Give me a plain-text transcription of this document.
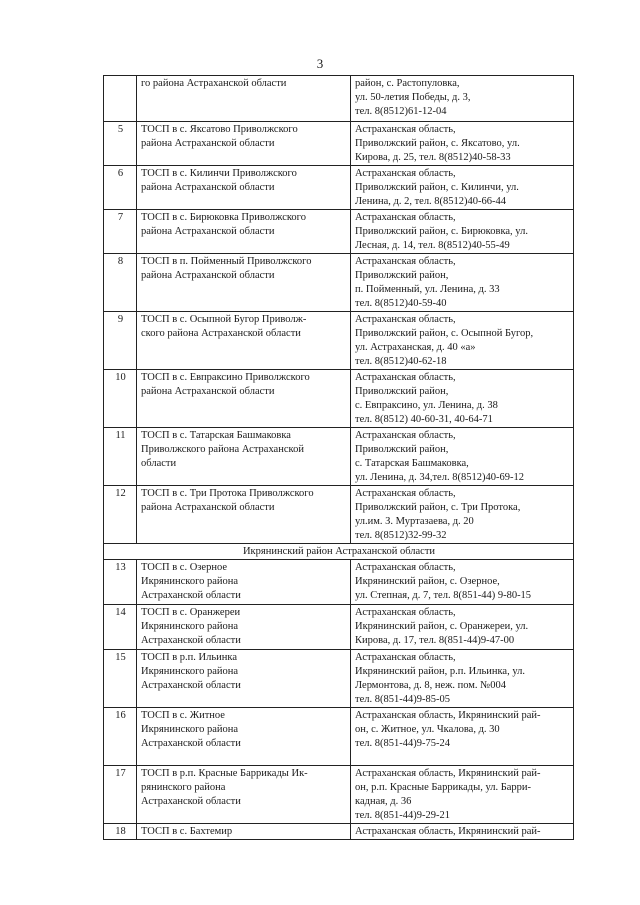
3

	го района Астраханской области	район, с. Растопуловка,
ул. 50-летия Победы, д. 3,
тел. 8(8512)61-12-04

5	ТОСП в с. Яксатово Приволжского
района Астраханской области	Астраханская область,
Приволжский район, с. Яксатово, ул.
Кирова, д. 25, тел. 8(8512)40-58-33

6	ТОСП в с. Килинчи Приволжского
района Астраханской области	Астраханская область,
Приволжский район, с. Килинчи, ул.
Ленина, д. 2, тел. 8(8512)40-66-44

7	ТОСП в с. Бирюковка Приволжского
района Астраханской области	Астраханская область,
Приволжский район, с. Бирюковка, ул.
Лесная, д. 14, тел. 8(8512)40-55-49

8	ТОСП в п. Пойменный Приволжского
района Астраханской области	Астраханская область,
Приволжский район,
п. Пойменный, ул. Ленина, д. 33
тел. 8(8512)40-59-40

9	ТОСП в с. Осыпной Бугор Приволж-
ского района Астраханской области	Астраханская область,
Приволжский район, с. Осыпной Бугор,
ул. Астраханская, д. 40 «а»
тел. 8(8512)40-62-18

10	ТОСП в с. Евпраксино Приволжского
района Астраханской области	Астраханская область,
Приволжский район,
с. Евпраксино, ул. Ленина, д. 38
тел. 8(8512) 40-60-31, 40-64-71

11	ТОСП в с. Татарская Башмаковка
Приволжского района Астраханской
области	Астраханская область,
Приволжский район,
с. Татарская Башмаковка,
ул. Ленина, д. 34,тел. 8(8512)40-69-12

12	ТОСП в с. Три Протока Приволжского
района Астраханской области	Астраханская область,
Приволжский район, с. Три Протока,
ул.им. З. Муртазаева, д. 20
тел. 8(8512)32-99-32

Икрянинский район Астраханской области		
13	ТОСП в с. Озерное
Икрянинского района
Астраханской области	Астраханская область,
Икрянинский район, с. Озерное,
ул. Степная, д. 7, тел. 8(851-44) 9-80-15

14	ТОСП в с. Оранжереи
Икрянинского района
Астраханской области	Астраханская область,
Икрянинский район, с. Оранжереи, ул.
Кирова, д. 17, тел. 8(851-44)9-47-00

15	ТОСП в р.п. Ильинка
Икрянинского района
Астраханской области	Астраханская область,
Икрянинский район, р.п. Ильинка, ул.
Лермонтова, д. 8, неж. пом. №004
тел. 8(851-44)9-85-05

16	ТОСП в с. Житное
Икрянинского района
Астраханской области	Астраханская область, Икрянинский рай-
он, с. Житное, ул. Чкалова, д. 30
тел. 8(851-44)9-75-24

17	ТОСП в р.п. Красные Баррикады Ик-
рянинского района
Астраханской области	Астраханская область, Икрянинский рай-
он, р.п. Красные Баррикады, ул. Барри-
кадная, д. 36
тел. 8(851-44)9-29-21

18	ТОСП в с. Бахтемир	Астраханская область, Икрянинский рай-
